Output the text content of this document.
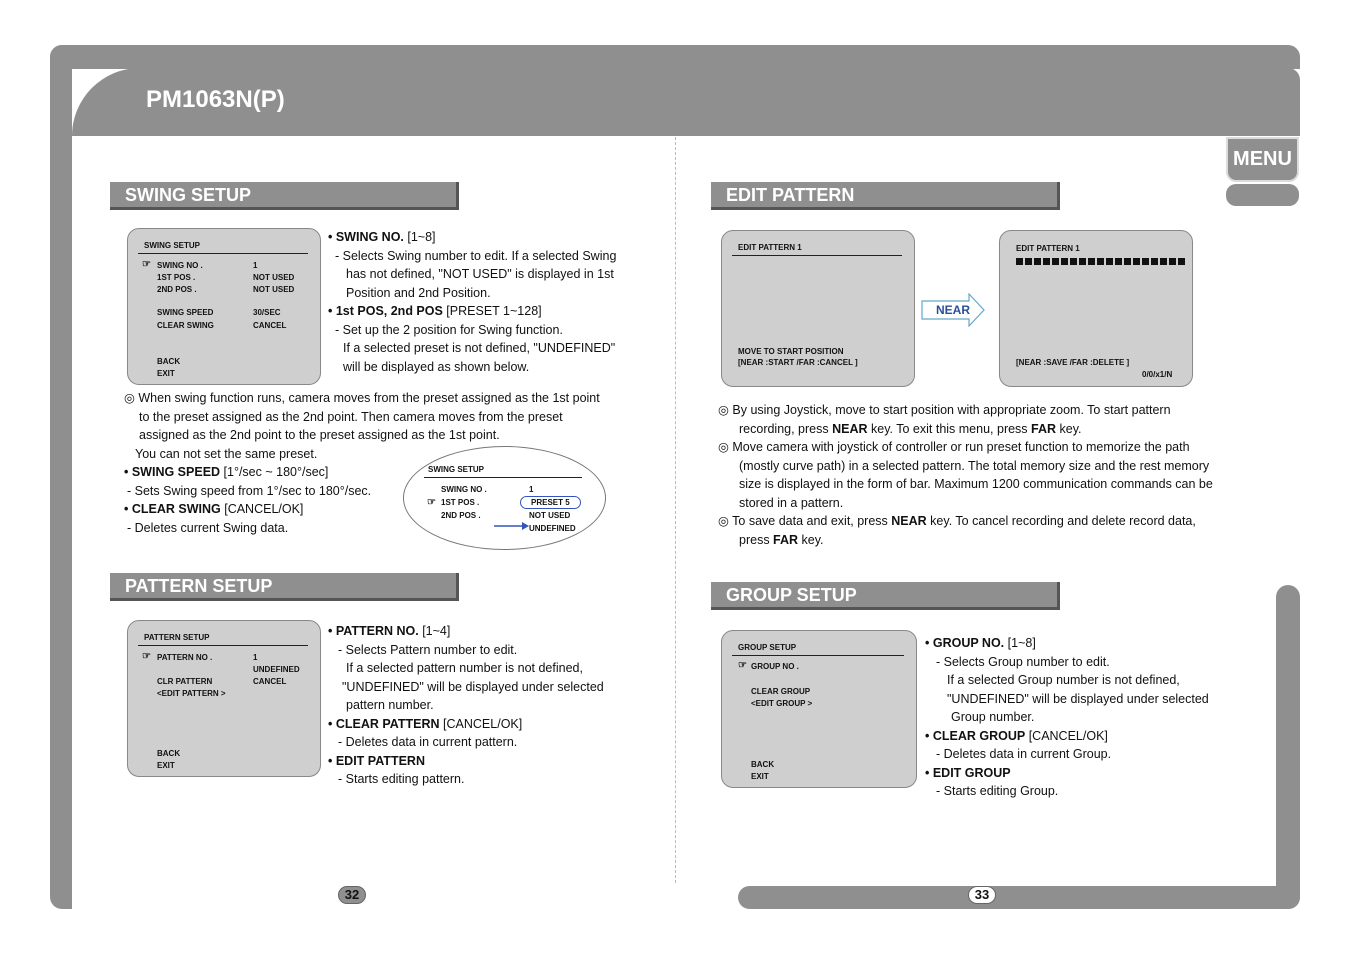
PM1063N(P)
MENU
SWING SETUP
SWING SETUP
☞ SWING NO .	1
1ST POS .	NOT USED
2ND POS .	NOT USED
SWING SPEED	30/SEC
CLEAR SWING	CANCEL
BACK
EXIT
• SWING NO. [1~8]
- Selects Swing number to edit. If a selected Swing
has not defined, "NOT USED" is displayed in 1st
Position and 2nd Position.
• 1st POS, 2nd POS [PRESET 1~128]
- Set up the 2 position for Swing function.
If a selected preset is not defined, "UNDEFINED"
will be displayed as shown below.
◎ When swing function runs, camera moves from the preset assigned as the 1st point
to the preset assigned as the 2nd point. Then camera moves from the preset
assigned as the 2nd point to the preset assigned as the 1st point.
You can not set the same preset.
• SWING SPEED [1°/sec ~ 180°/sec]
- Sets Swing speed from 1°/sec to 180°/sec.
• CLEAR SWING [CANCEL/OK]
- Deletes current Swing data.
SWING SETUP
SWING NO .	1
☞ 1ST POS .	PRESET 5
2ND POS .	NOT USED
UNDEFINED
PATTERN SETUP
PATTERN SETUP
☞ PATTERN NO .	1
UNDEFINED
CLR PATTERN	CANCEL
<EDIT PATTERN >
BACK
EXIT
• PATTERN NO. [1~4]
- Selects Pattern number to edit.
If a selected pattern number is not defined,
"UNDEFINED" will be displayed under selected
pattern number.
• CLEAR PATTERN [CANCEL/OK]
- Deletes data in current pattern.
• EDIT PATTERN
- Starts editing pattern.
32
EDIT PATTERN
EDIT PATTERN 1
MOVE TO START POSITION
[NEAR :START /FAR :CANCEL ]
NEAR
EDIT PATTERN 1
[NEAR :SAVE /FAR :DELETE ]
0/0/x1/N
◎ By using Joystick, move to start position with appropriate zoom. To start pattern
recording, press NEAR key. To exit this menu, press FAR key.
◎ Move camera with joystick of controller or run preset function to memorize the path
(mostly curve path) in a selected pattern. The total memory size and the rest memory
size is displayed in the form of bar. Maximum 1200 communication commands can be
stored in a pattern.
◎ To save data and exit, press NEAR key. To cancel recording and delete record data,
press FAR key.
GROUP SETUP
GROUP SETUP
☞ GROUP NO .
CLEAR GROUP
<EDIT GROUP >
BACK
EXIT
• GROUP NO. [1~8]
- Selects Group number to edit.
If a selected Group number is not defined,
"UNDEFINED" will be displayed under selected
Group number.
• CLEAR GROUP [CANCEL/OK]
- Deletes data in current Group.
• EDIT GROUP
- Starts editing Group.
33
